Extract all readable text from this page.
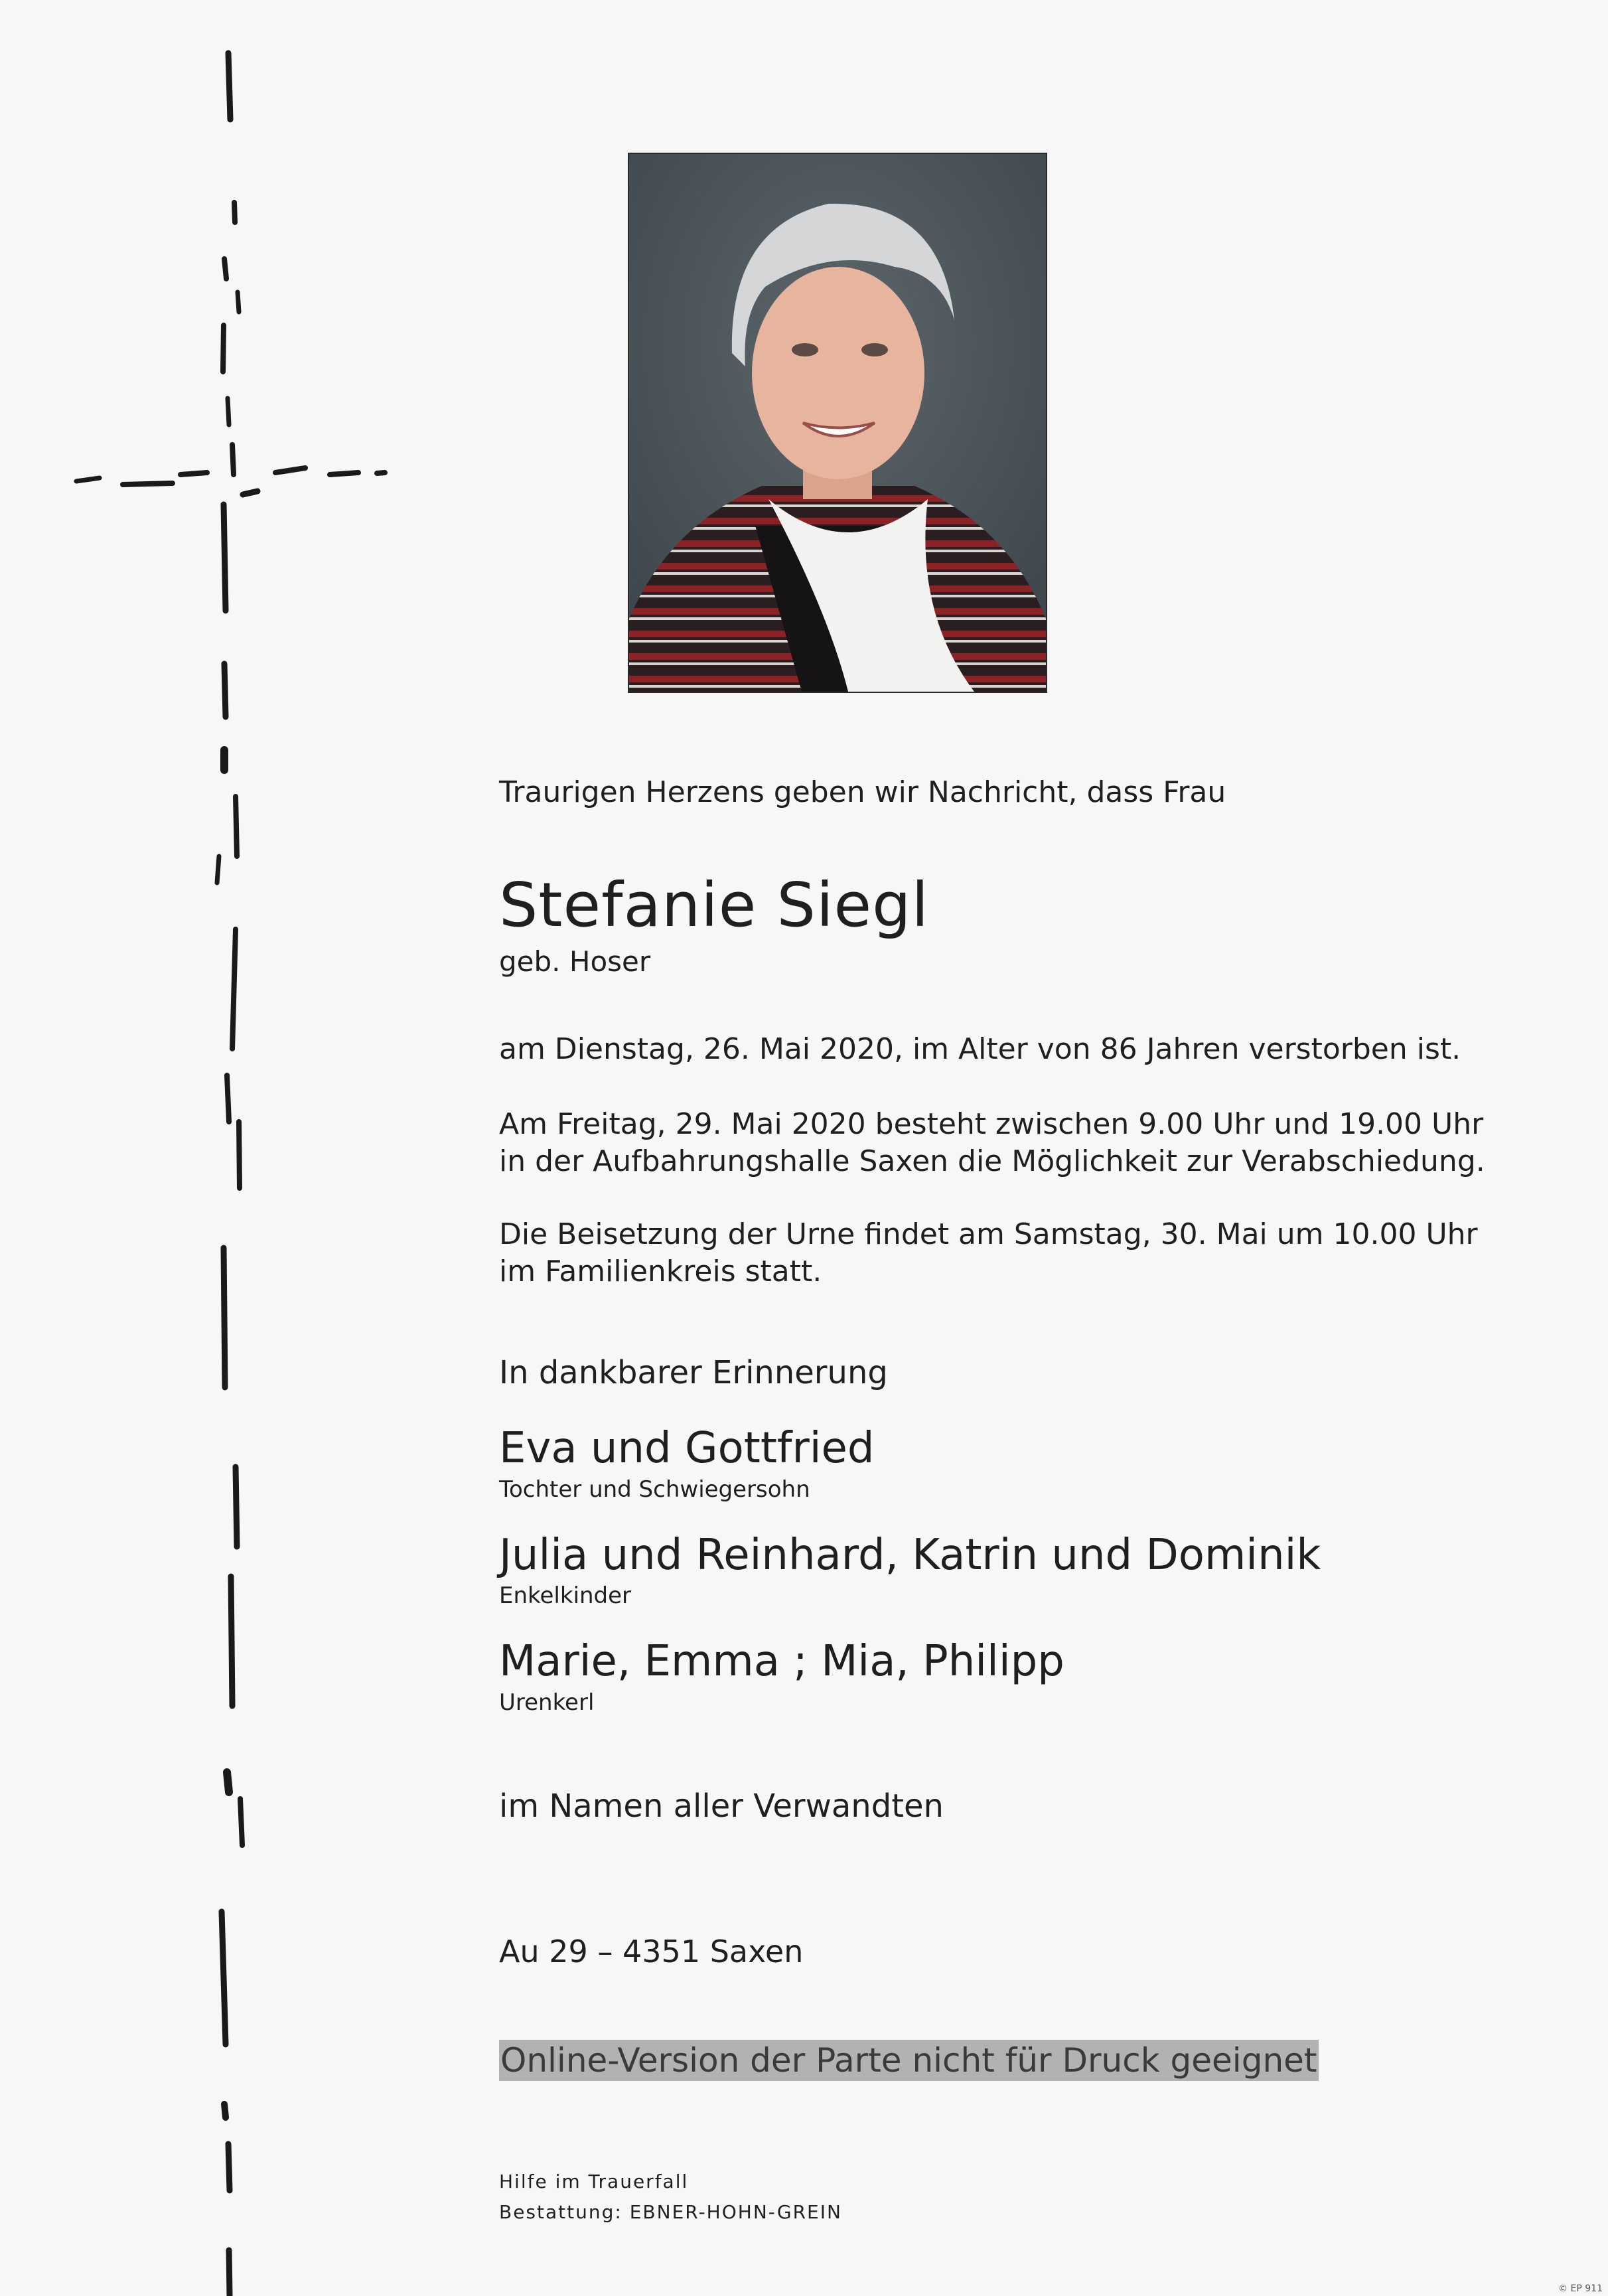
Traurigen Herzens geben wir Nachricht, dass Frau

Stefanie Siegl

geb. Hoser

am Dienstag, 26. Mai 2020, im Alter von 86 Jahren verstorben ist.

Am Freitag, 29. Mai 2020 besteht zwischen 9.00 Uhr und 19.00 Uhr
in der Aufbahrungshalle Saxen die Möglichkeit zur Verabschiedung.
Die Beisetzung der Urne findet am Samstag, 30. Mai um 10.00 Uhr
im Familienkreis statt.

In dankbarer Erinnerung

Eva und Gottfried

Tochter und Schwiegersohn

Julia und Reinhard, Katrin und Dominik

Enkelkinder

Marie, Emma ; Mia, Philipp

Urenkerl

im Namen aller Verwandten

Au 29 – 4351 Saxen

Online-Version der Parte nicht für Druck geeignet

Hilfe im Trauerfall

Bestattung: EBNER-HOHN-GREIN

© EP 911
